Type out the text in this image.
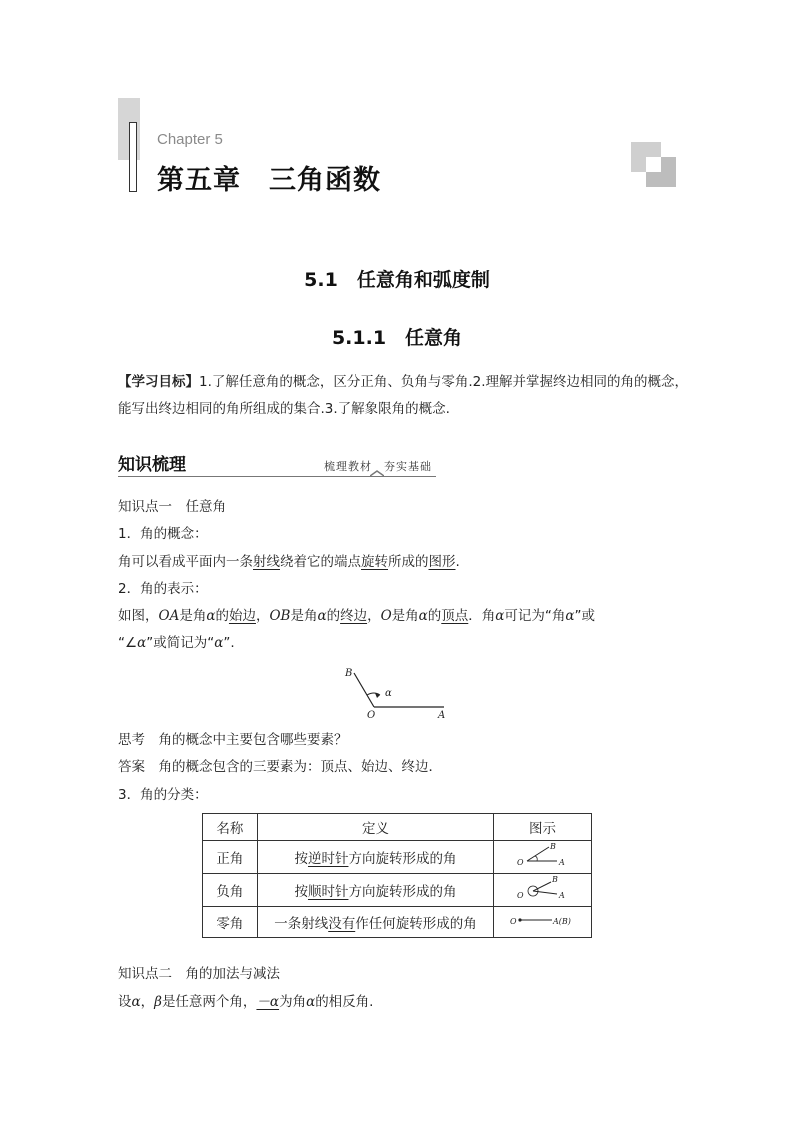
Chapter 5
第五章　三角函数
5.1　任意角和弧度制
5.1.1　任意角
【学习目标】1.了解任意角的概念，区分正角、负角与零角.2.理解并掌握终边相同的角的概念，
能写出终边相同的角所组成的集合.3.了解象限角的概念.
知识梳理	梳理教材　夯实基础
知识点一　任意角
1．角的概念：
角可以看成平面内一条射线绕着它的端点旋转所成的图形.
2．角的表示：
如图，OA是角α的始边，OB是角α的终边，O是角α的顶点．角α可记为“角α”或
“∠α”或简记为“α”.
B
O	A
α
思考　 角的概念中主要包含哪些要素？
答案　 角的概念包含的三要素为：顶点、始边、终边．
3．角的分类：
名称	定义	图示
正角	按逆时针方向旋转形成的角	O
B
A

负角	按顺时针方向旋转形成的角	O
B
A

零角	一条射线没有作任何旋转形成的角	O A(B)
知识点二　角的加法与减法
设α，β是任意两个角，－α为角α的相反角.
